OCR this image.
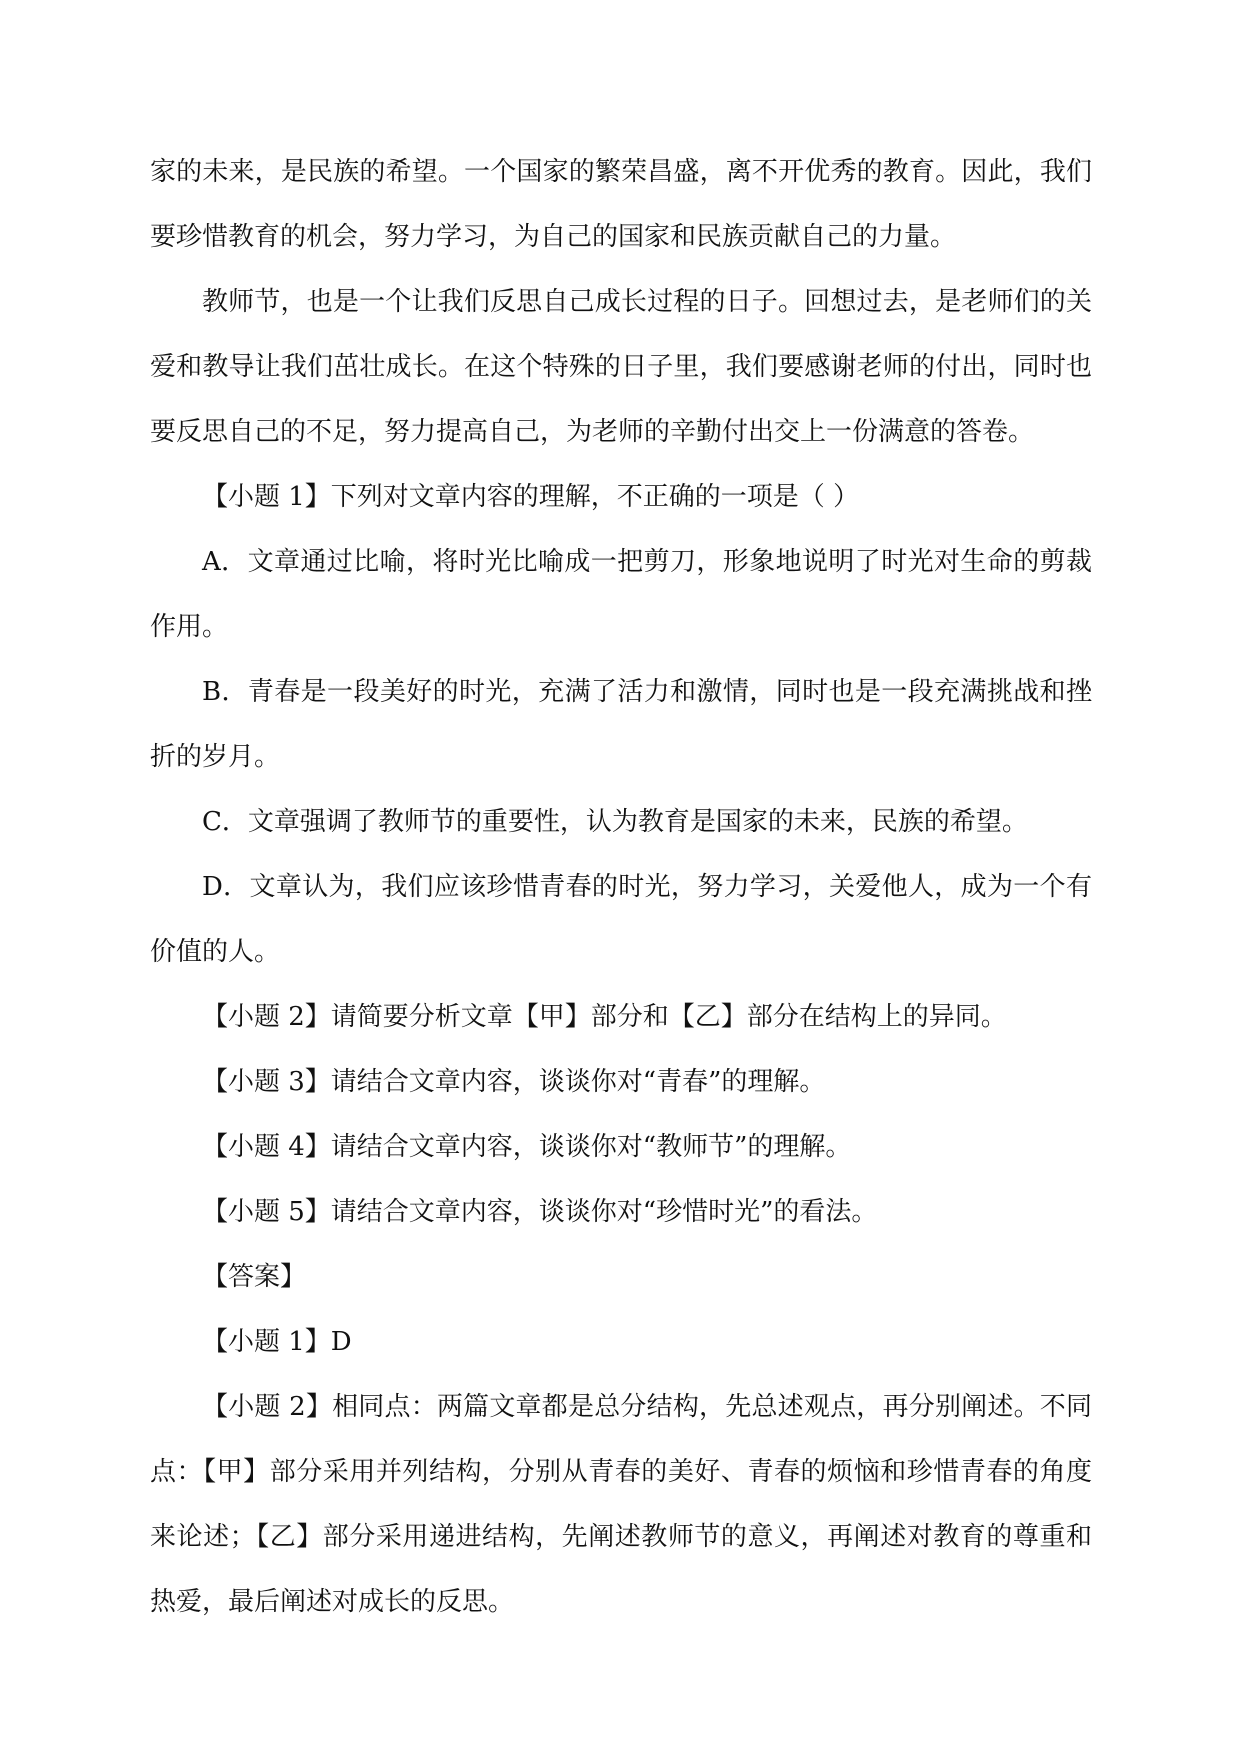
家的未来，是民族的希望。一个国家的繁荣昌盛，离不开优秀的教育。因此，我们要珍惜教育的机会，努力学习，为自己的国家和民族贡献自己的力量。

教师节，也是一个让我们反思自己成长过程的日子。回想过去，是老师们的关爱和教导让我们茁壮成长。在这个特殊的日子里，我们要感谢老师的付出，同时也要反思自己的不足，努力提高自己，为老师的辛勤付出交上一份满意的答卷。

【小题 1】下列对文章内容的理解，不正确的一项是（ ）

A．文章通过比喻，将时光比喻成一把剪刀，形象地说明了时光对生命的剪裁作用。

B．青春是一段美好的时光，充满了活力和激情，同时也是一段充满挑战和挫折的岁月。

C．文章强调了教师节的重要性，认为教育是国家的未来，民族的希望。

D．文章认为，我们应该珍惜青春的时光，努力学习，关爱他人，成为一个有价值的人。

【小题 2】请简要分析文章【甲】部分和【乙】部分在结构上的异同。

【小题 3】请结合文章内容，谈谈你对“青春”的理解。

【小题 4】请结合文章内容，谈谈你对“教师节”的理解。

【小题 5】请结合文章内容，谈谈你对“珍惜时光”的看法。

【答案】

【小题 1】D

【小题 2】相同点：两篇文章都是总分结构，先总述观点，再分别阐述。不同点：【甲】部分采用并列结构，分别从青春的美好、青春的烦恼和珍惜青春的角度来论述；【乙】部分采用递进结构，先阐述教师节的意义，再阐述对教育的尊重和热爱，最后阐述对成长的反思。
